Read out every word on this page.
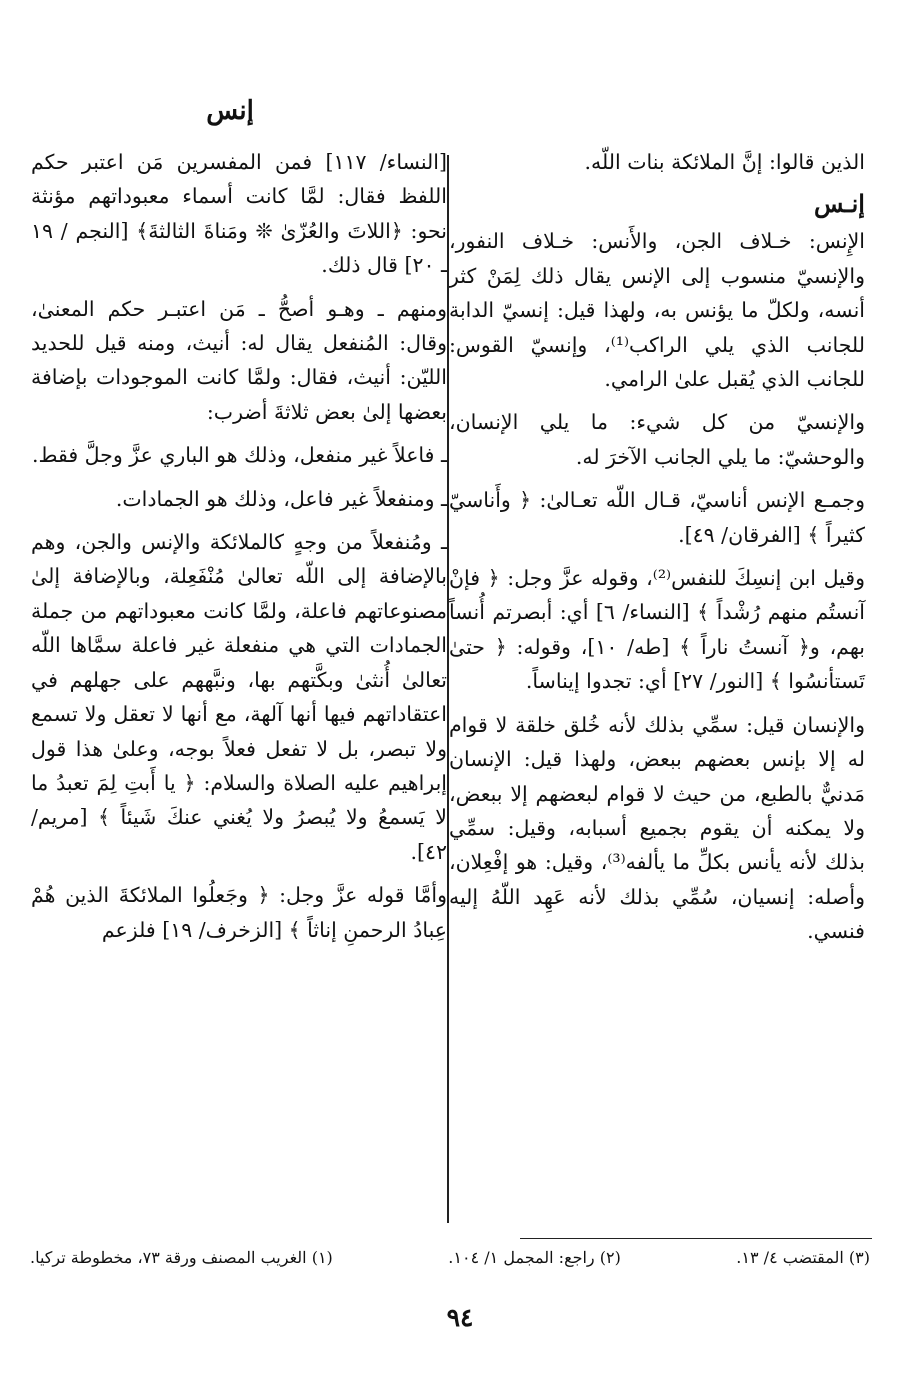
إنس

[النساء/ ١١٧] فمن المفسرين مَن اعتبر حكم اللفظ فقال: لمَّا كانت أسماء معبوداتهم مؤنثة نحو: ﴿اللاتَ والعُزّىٰ ❊ ومَناةَ الثالثةَ﴾ [النجم / ١٩ ـ ٢٠] قال ذلك.

ومنهم ـ وهـو أصحُّ ـ مَن اعتبـر حكم المعنىٰ، وقال: المُنفعل يقال له: أنيث، ومنه قيل للحديد الليّن: أنيث، فقال: ولمَّا كانت الموجودات بإضافة بعضها إلىٰ بعض ثلاثةَ أضرب:

ـ فاعلاً غير منفعل، وذلك هو الباري عزَّ وجلَّ فقط.

ـ ومنفعلاً غير فاعل، وذلك هو الجمادات.

ـ ومُنفعلاً من وجهٍ كالملائكة والإنس والجن، وهم بالإضافة إلى اللّه تعالىٰ مُنْفَعِلة، وبالإضافة إلىٰ مصنوعاتهم فاعلة، ولمَّا كانت معبوداتهم من جملة الجمادات التي هي منفعلة غير فاعلة سمَّاها اللّه تعالىٰ أُنثىٰ وبكَّتهم بها، ونبَّههم على جهلهم في اعتقاداتهم فيها أنها آلهة، مع أنها لا تعقل ولا تسمع ولا تبصر، بل لا تفعل فعلاً بوجه، وعلىٰ هذا قول إبراهيم عليه الصلاة والسلام: ﴿ يا أَبتِ لِمَ تعبدُ ما لا يَسمعُ ولا يُبصرُ ولا يُغني عنكَ شَيئاً ﴾ [مريم/ ٤٢].

وأمَّا قوله عزَّ وجل: ﴿ وجَعلُوا الملائكةَ الذين هُمْ عِبادُ الرحمنِ إناثاً ﴾ [الزخرف/ ١٩] فلزعم

الذين قالوا: إنَّ الملائكة بنات اللّه.

إنـس

الإِنس: خـلاف الجن، والأَنس: خـلاف النفور، والإنسيّ منسوب إلى الإنس يقال ذلك لِمَنْ كثر أنسه، ولكلّ ما يؤنس به، ولهذا قيل: إنسيّ الدابة للجانب الذي يلي الراكب⁽¹⁾، وإنسيّ القوس: للجانب الذي يُقبل علىٰ الرامي.

والإنسيّ من كل شيء: ما يلي الإنسان، والوحشيّ: ما يلي الجانب الآخرَ له.

وجمـع الإنس أناسيّ، قـال اللّه تعـالىٰ: ﴿ وأَناسيّ كثيراً ﴾ [الفرقان/ ٤٩].

وقيل ابن إنسِكَ للنفس⁽²⁾، وقوله عزَّ وجل: ﴿ فإنْ آنستُم منهم رُشْداً ﴾ [النساء/ ٦] أي: أبصرتم أُنساً بهم، و﴿ آنستُ ناراً ﴾ [طه/ ١٠]، وقوله: ﴿ حتىٰ تَستأنسُوا ﴾ [النور/ ٢٧] أي: تجدوا إيناساً.

والإنسان قيل: سمِّي بذلك لأنه خُلق خلقة لا قوام له إلا بإنس بعضهم ببعض، ولهذا قيل: الإنسان مَدنيٌّ بالطبع، من حيث لا قوام لبعضهم إلا ببعض، ولا يمكنه أن يقوم بجميع أسبابه، وقيل: سمِّي بذلك لأنه يأنس بكلِّ ما يألفه⁽³⁾، وقيل: هو إفْعِلان، وأصله: إنسيان، سُمِّي بذلك لأنه عَهِد اللّهُ إليه فنسي.

(١) الغريب المصنف ورقة ٧٣، مخطوطة تركيا.	(٢) راجع: المجمل ١/ ١٠٤.	(٣) المقتضب ٤/ ١٣.
٩٤
